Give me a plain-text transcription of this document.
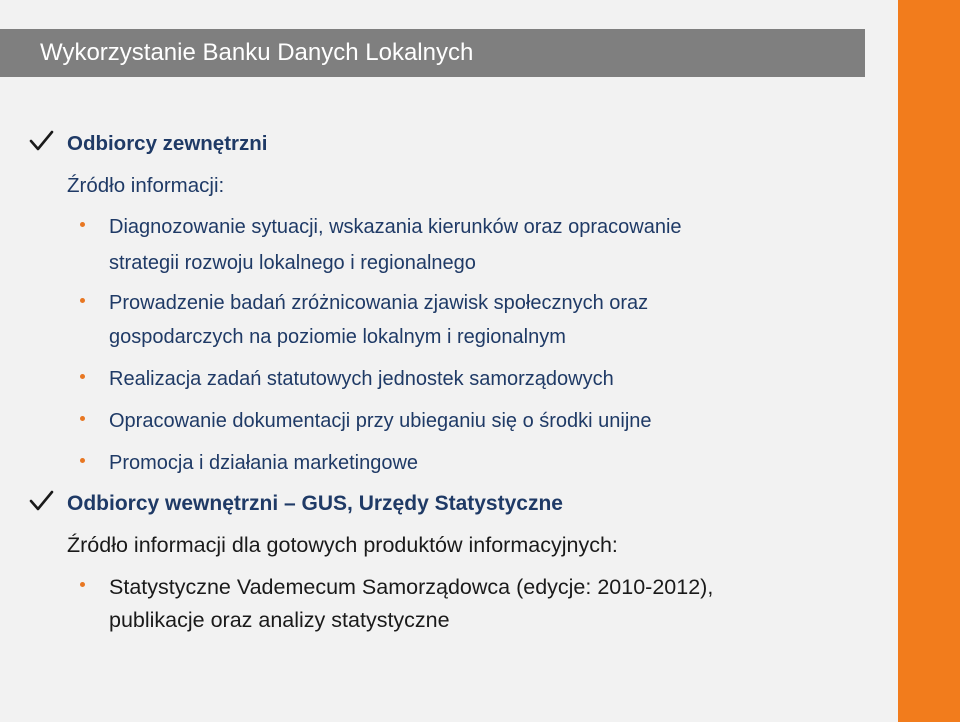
Wykorzystanie Banku Danych Lokalnych
Odbiorcy zewnętrzni
Źródło informacji:
Diagnozowanie sytuacji, wskazania kierunków oraz opracowanie
strategii rozwoju lokalnego i regionalnego
Prowadzenie badań zróżnicowania zjawisk społecznych oraz
gospodarczych na poziomie lokalnym i regionalnym
Realizacja zadań statutowych jednostek samorządowych
Opracowanie dokumentacji przy ubieganiu się o środki unijne
Promocja i działania marketingowe
Odbiorcy wewnętrzni – GUS, Urzędy Statystyczne
Źródło informacji dla gotowych produktów informacyjnych:
Statystyczne Vademecum Samorządowca (edycje: 2010-2012),
publikacje oraz analizy statystyczne
